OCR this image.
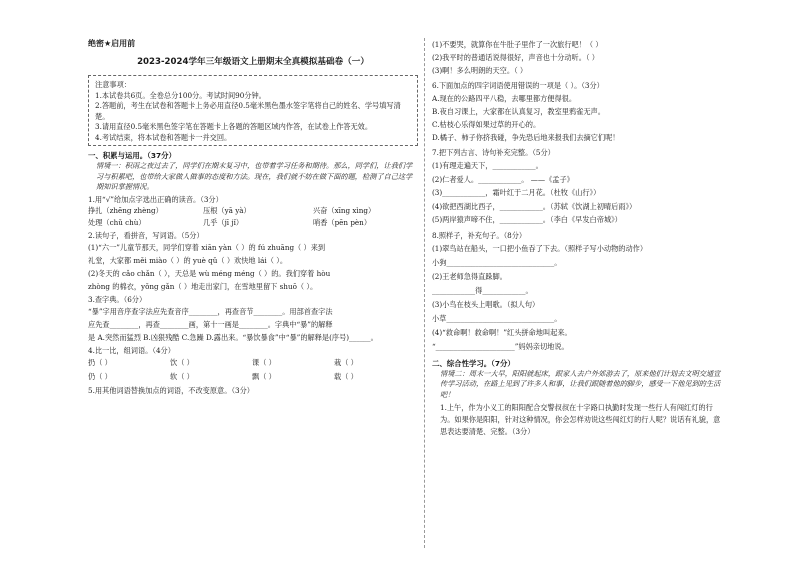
绝密★启用前
2023-2024学年三年级语文上册期末全真模拟基础卷（一）
注意事项：
1.本试卷共6页。全卷总分100分。考试时间90分钟。
2.答题前，考生在试卷和答题卡上务必用直径0.5毫米黑色墨水签字笔将自己的姓名、学号填写清楚。
3.请用直径0.5毫米黑色签字笔在答题卡上各题的答题区域内作答，在试卷上作答无效。
4.考试结束，将本试卷和答题卡一并交回。
一、积累与运用。（37分）
情境一：积雨之夜过去了，同学们在期末复习中，也带着学习任务和期待。那么，同学们，让我们学习与积累吧，也带给大家做人做事的态度和方法。现在，我们就不妨在做下面的题，检测了自己这学期知识掌握情况。
1.用“√”给加点字选出正确的读音。（3分）
挣扎（zhēng zhèng）	压根（yā yà）	兴奋（xīng xìng）
处理（chǔ chù）	几乎（jī jǐ）	哨香（pēn pèn）
2.读句子，看拼音，写词语。（5分）
(1)“六一”儿童节那天，同学们穿着 xiān yàn（ ）的 fú zhuāng（ ）来到
礼堂，大家都 měi miào（ ）的 yuè qǔ（ ）欢快地 lái（ ）。
(2)冬天的 cǎo chǎn（ ），天总是 wù méng méng（ ）的。我们穿着 hòu
zhòng 的棉衣，yǒng gǎn（ ）地走出家门，在雪地里留下 shuō（ ）。
3.查字典。（6分）
“暴”字用音序查字法应先查音序________，再查音节________。用部首查字法
应先查________，再查________画，第十一画是________。字典中“暴”的解释
是 A.突然而猛烈 B.凶狠残酷 C.急躁 D.露出来。“暴饮暴食”中“暴”的解释是(序号)______。
4.比一比，组词语。（4分）
扔（ ）	饮（ ）	课（ ）	栽（ ）
仍（ ）	软（ ）	飘（ ）	载（ ）
5.用其他词语替换加点的词语，不改变原意。（3分）
(1)不要哭，就算你在牛肚子里作了一次旅行吧！（ ）
(2)我平时的普通话说得很好，声音也十分动听。（ ）
(3)啊！多么明朗的天空。（ ）
6.下面加点的四字词语使用错误的一项是（ ）。（3分）
A.现在的公路四平八稳，去哪里都方便得很。
B.夜自习课上，大家都在认真复习，教室里鸦雀无声。
C.枯枝心乐得如果过草的开心的。
D.橘子、柿子你挤我碰，争先恐后地来报我们去摘它们呢！
7.把下列古言、诗句补充完整。（5分）
(1)有理走遍天下，____________。
(2)仁者爱人。____________。 ——《孟子》
(3)____________，霜叶红于二月花。（杜牧《山行》）
(4)欲把西湖比西子，____________。（苏轼《饮湖上初晴后雨》）
(5)两岸猿声啼不住，____________。（李白《早发白帝城》）
8.照样子，补充句子。（8分）
(1)翠鸟站在船头，一口把小鱼吞了下去。（照样子写小动物的动作）
小狗______________________________。
(2)王老师急得直跺脚。
____________得____________。
(3)小鸟在枝头上唱歌。（拟人句）
小草______________________________。
(4)“救命啊！救命啊！”红头拼命地叫起来。
“______________________”妈妈亲切地说。
二、综合性学习。（7分）
情境二：周末一大早，阳阳就起床，跟家人去户外郊游去了，原来他们计划去文明交通宣传学习活动，在路上见到了许多人和事，让我们跟随着他的脚步，感受一下他见到的生活吧！
1.上午，作为小义工的阳阳配合交警叔叔在十字路口执勤时发现一些行人有闯红灯的行为。如果你是阳阳，针对这种情况，你会怎样劝说这些闯红灯的行人呢？说话有礼貌，意思表达要清楚、完整。（3分）
